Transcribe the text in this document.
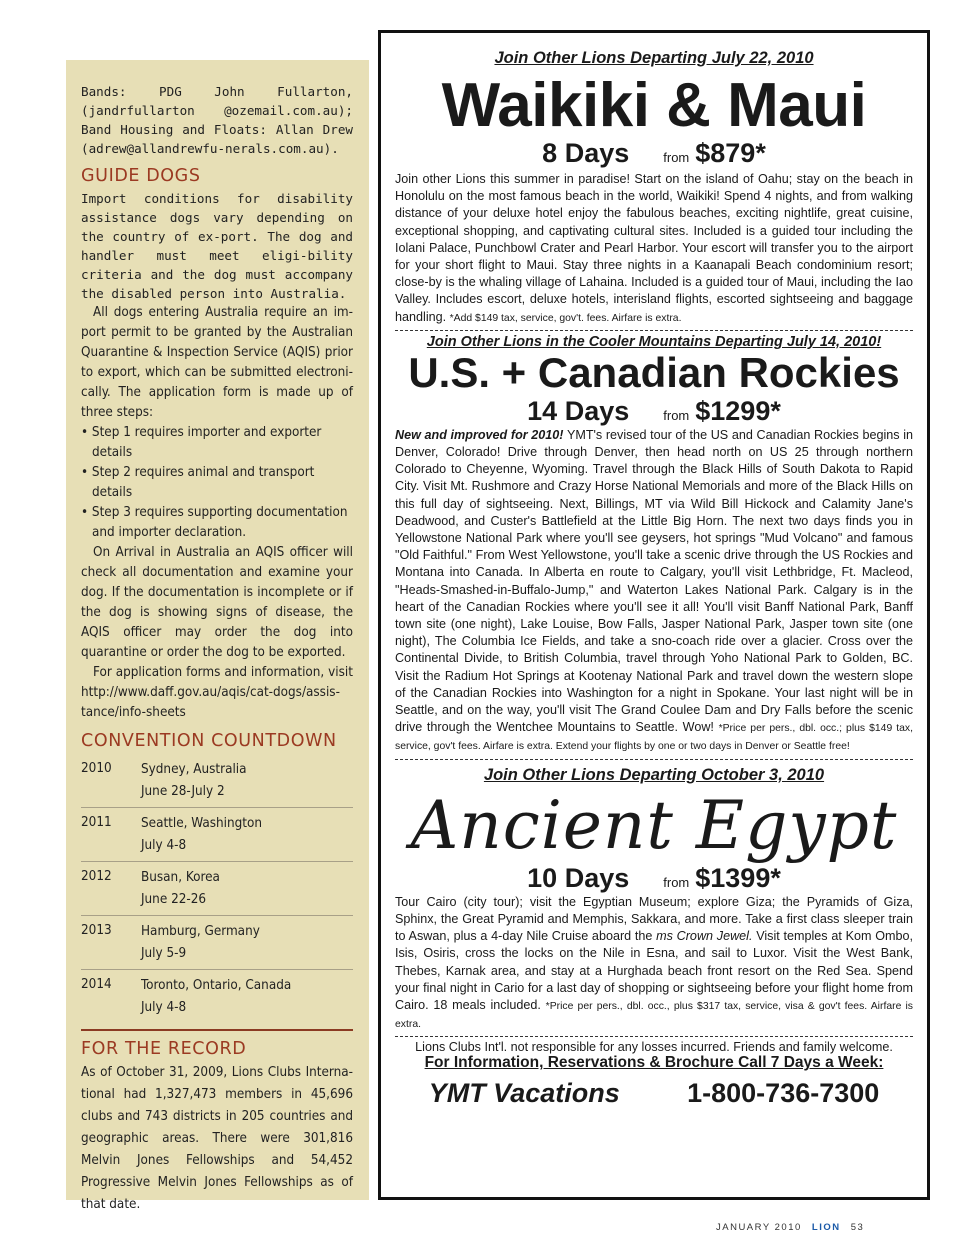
Bands: PDG John Fullarton, (jandrfullarton @ozemail.com.au); Band Housing and Floats: Allan Drew (adrew@allandrewfu-nerals.com.au).

GUIDE DOGS

Import conditions for disability assistance dogs vary depending on the country of ex-port. The dog and handler must meet eligi-bility criteria and the dog must accompany the disabled person into Australia.

All dogs entering Australia require an im-port permit to be granted by the Australian Quarantine & Inspection Service (AQIS) prior to export, which can be submitted electroni-cally. The application form is made up of three steps:

• Step 1 requires importer and exporter details
• Step 2 requires animal and transport details
• Step 3 requires supporting documentation and importer declaration.

On Arrival in Australia an AQIS officer will check all documentation and examine your dog. If the documentation is incomplete or if the dog is showing signs of disease, the AQIS officer may order the dog into quarantine or order the dog to be exported.

For application forms and information, visit http://www.daff.gov.au/aqis/cat-dogs/assis-tance/info-sheets

CONVENTION COUNTDOWN
2010	Sydney, Australia
June 28-July 2
2011	Seattle, Washington
July 4-8
2012	Busan, Korea
June 22-26
2013	Hamburg, Germany
July 5-9
2014	Toronto, Ontario, Canada
July 4-8
FOR THE RECORD

As of October 31, 2009, Lions Clubs Interna-tional had 1,327,473 members in 45,696 clubs and 743 districts in 205 countries and geographic areas. There were 301,816 Melvin Jones Fellowships and 54,452 Progressive Melvin Jones Fellowships as of that date.

Join Other Lions Departing July 22, 2010
Waikiki & Maui
8 Days	from $879*
Join other Lions this summer in paradise! Start on the island of Oahu; stay on the beach in Honolulu on the most famous beach in the world, Waikiki! Spend 4 nights, and from walking distance of your deluxe hotel enjoy the fabulous beaches, exciting nightlife, great cuisine, exceptional shopping, and captivating cultural sites. Included is a guided tour including the Iolani Palace, Punchbowl Crater and Pearl Harbor. Your escort will transfer you to the airport for your short flight to Maui. Stay three nights in a Kaanapali Beach condominium resort; close-by is the whaling village of Lahaina. Included is a guided tour of Maui, including the Iao Valley. Includes escort, deluxe hotels, interisland flights, escorted sightseeing and baggage handling. *Add $149 tax, service, gov't. fees. Airfare is extra.
Join Other Lions in the Cooler Mountains Departing July 14, 2010!
U.S. + Canadian Rockies
14 Days	from $1299*
New and improved for 2010! YMT's revised tour of the US and Canadian Rockies begins in Denver, Colorado! Drive through Denver, then head north on US 25 through northern Colorado to Cheyenne, Wyoming. Travel through the Black Hills of South Dakota to Rapid City. Visit Mt. Rushmore and Crazy Horse National Memorials and more of the Black Hills on this full day of sightseeing. Next, Billings, MT via Wild Bill Hickock and Calamity Jane's Deadwood, and Custer's Battlefield at the Little Big Horn. The next two days finds you in Yellowstone National Park where you'll see geysers, hot springs "Mud Volcano" and famous "Old Faithful." From West Yellowstone, you'll take a scenic drive through the US Rockies and Montana into Canada. In Alberta en route to Calgary, you'll visit Lethbridge, Ft. Macleod, "Heads-Smashed-in-Buffalo-Jump," and Waterton Lakes National Park. Calgary is in the heart of the Canadian Rockies where you'll see it all! You'll visit Banff National Park, Banff town site (one night), Lake Louise, Bow Falls, Jasper National Park, Jasper town site (one night), The Columbia Ice Fields, and take a sno-coach ride over a glacier. Cross over the Continental Divide, to British Columbia, travel through Yoho National Park to Golden, BC. Visit the Radium Hot Springs at Kootenay National Park and travel down the western slope of the Canadian Rockies into Washington for a night in Spokane. Your last night will be in Seattle, and on the way, you'll visit The Grand Coulee Dam and Dry Falls before the scenic drive through the Wentchee Mountains to Seattle. Wow! *Price per pers., dbl. occ.; plus $149 tax, service, gov't fees. Airfare is extra. Extend your flights by one or two days in Denver or Seattle free!
Join Other Lions Departing October 3, 2010
Ancient Egypt
10 Days	from $1399*
Tour Cairo (city tour); visit the Egyptian Museum; explore Giza; the Pyramids of Giza, Sphinx, the Great Pyramid and Memphis, Sakkara, and more. Take a first class sleeper train to Aswan, plus a 4-day Nile Cruise aboard the ms Crown Jewel. Visit temples at Kom Ombo, Isis, Osiris, cross the locks on the Nile in Esna, and sail to Luxor. Visit the West Bank, Thebes, Karnak area, and stay at a Hurghada beach front resort on the Red Sea. Spend your final night in Cario for a last day of shopping or sightseeing before your flight home from Cairo. 18 meals included. *Price per pers., dbl. occ., plus $317 tax, service, visa & gov't fees. Airfare is extra.
Lions Clubs Int'l. not responsible for any losses incurred. Friends and family welcome.
For Information, Reservations & Brochure Call 7 Days a Week:
YMT Vacations 1-800-736-7300
JANUARY 2010 LION 53
